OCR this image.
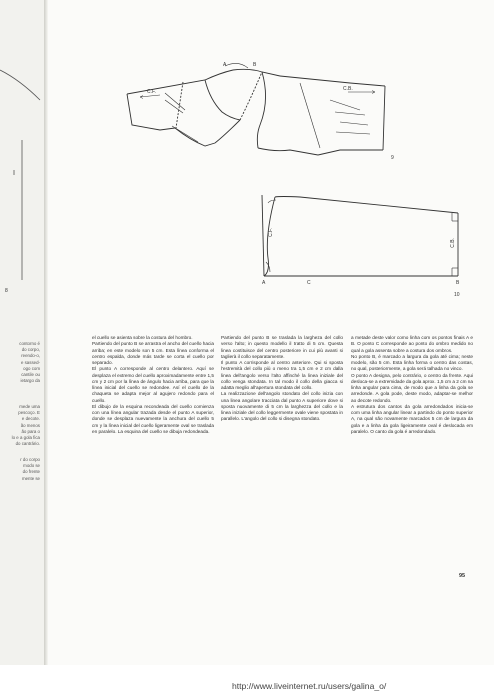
C.F.
A	B
C.B.
9
C.F.
C.B.
A	B
C
10
contorno é
do corpo,
reendo-o,
e sassed-
ogo com
cantile ou
ietargo da
mede uma
pescoço. E
e decote.
ão menos
ão para o
lo e a gola fica
do cantrário.
r do corpo
modo se
do frente
mente se
8

el cuello se asienta sobre la costura del hombro.

Partiendo del punto B se arrastra el ancho del cuello hacia arriba; en este modelo son 5 cm. Esta línea conforma el centro espalda, donde más tarde se corta el cuello por separado.

El punto A corresponde al centro delantero. Aquí se desplaza el extremo del cuello aproximadamente entre 1,5 cm y 2 cm por la línea de ángulo hacia arriba, para que la línea inicial del cuello se redondee. Así el cuello de la chaqueta se adapta mejor al agujero redondo para el cuello.

El dibujo de la esquina recondeada del cuello comienza con una línea angular trazada desde el punto A superior, donde se desplaza nuevamente la anchura del cuello 5 cm y la línea inicial del cuello ligeramente oval se traslada en paralelo. La esquina del cuello se dibuja redondeada.

Partiendo del punto B se traslada la largheza del collo verso l'alto; in questo modello il tratto di 5 cm. Questa linea costituisce del centro posteriore in cui più avanti si taglierà il collo separatamente.

Il punto A corrisponde al centro anteriore. Qui si sposta l'estremità del collo più o meno tra 1,5 cm e 2 cm dalla linea dell'angolo verso l'alto affinché la linea iniziale del collo venga stondata. In tal modo il collo della giacca si adatta meglio all'apertura stondata del collo.

La realizzazione dell'angolo stondato del collo inizia con una linea angolare tracciata dal punto A superiore dove si sposta nuovamente di 5 cm la larghezza del collo e la linea iniziale del collo leggermente ovale viene spostata in parallelo. L'angolo del collo si disegna stondato.

a metade deste valor como linha com os pontos finais A e B. O ponto C corresponde ao ponto do ombro medido no qual a gola assenta sobre a costura dos ombros.

No ponto B, é marcado a largura da gola até cima; neste modelo, são 5 cm. Esta linha forma o centro das costas, no qual, posteriormente, a gola será talhada no vinco.

O ponto A designa, pelo contrário, o centro da frente. Aqui desloca-se a extremidade da gola aprox. 1,5 cm a 2 cm na linha angular para cima, de modo que a linha da gola se arredonde. A gola pode, deste modo, adaptar-se melhor ao decote redondo.

A estrutura dos cantos da gola arredondados inicia-se com uma linha angular linear a partindo do ponto superior A, na qual são novamente marcados 5 cm de largura da gola e a linha da gola ligeiramente oval é deslocada em paralelo. O canto da gola é arredondado.

95
http://www.liveinternet.ru/users/galina_o/
